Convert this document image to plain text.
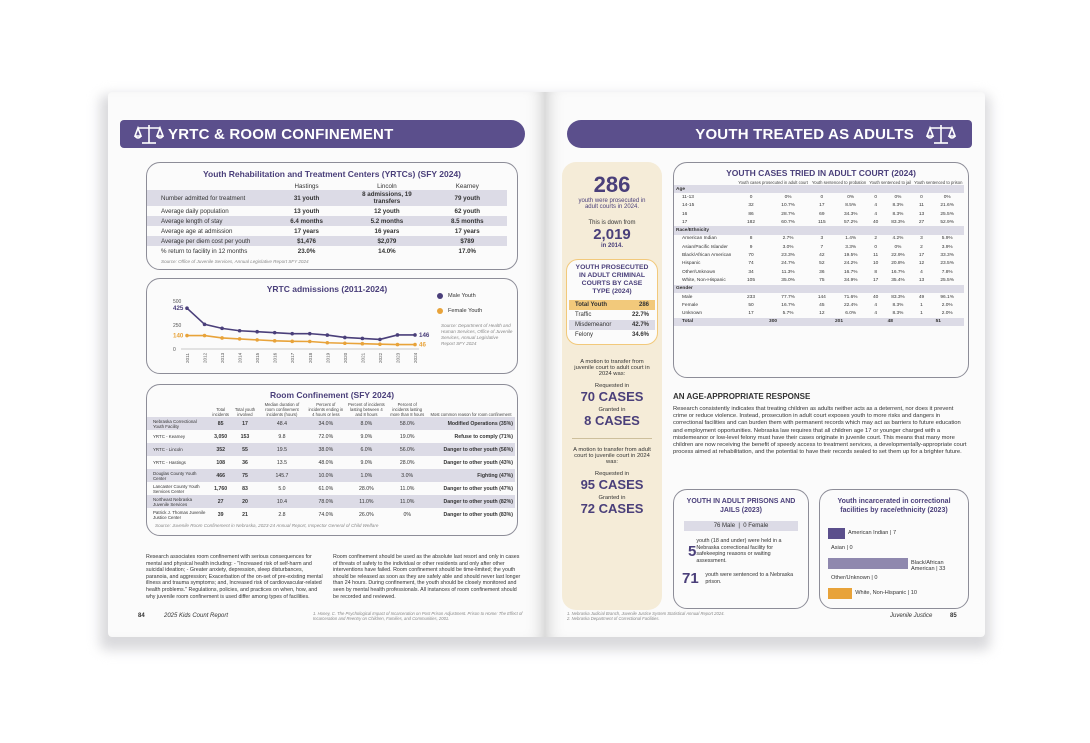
YRTC & ROOM CONFINEMENT
Youth Rehabilitation and Treatment Centers (YRTCs) (SFY 2024)
	Hastings	Lincoln	Kearney
Number admitted for treatment	31 youth	8 admissions, 19 transfers	79 youth
Average daily population	13 youth	12 youth	62 youth
Average length of stay	6.4 months	5.2 months	8.5 months
Average age at admission	17 years	16 years	17 years
Average per diem cost per youth	$1,476	$2,079	$789
% return to facility in 12 months	23.0%	14.0%	17.0%
Source: Office of Juvenile Services, Annual Legislative Report SFY 2024
YRTC admissions (2011-2024)
500
250
0
2011	2012	2013	2014	2015	2016	2017	2018	2019	2020	2021	2022	2023	2024
425
146
140
46
Male Youth
Female Youth
Source: Department of Health and Human Services, Office of Juvenile Services, Annual Legislative Report SFY 2024
Room Confinement (SFY 2024)
	Total incidents	Total youth involved	Median duration of room confinement incidents (hours)	Percent of incidents ending in 4 hours or less	Percent of incidents lasting between 4 and 8 hours	Percent of incidents lasting more than 8 hours	Most common reason for room confinement
Nebraska Correctional Youth Facility	85	17	48.4	34.0%	8.0%	58.0%	Modified Operations (35%)
YRTC - Kearney	3,050	153	9.8	72.0%	9.0%	19.0%	Refuse to comply (71%)
YRTC - Lincoln	352	55	19.5	38.0%	6.0%	56.0%	Danger to other youth (56%)
YRTC - Hastings	108	36	13.5	48.0%	9.0%	28.0%	Danger to other youth (43%)
Douglas County Youth Center	466	75	145.7	10.0%	1.0%	3.0%	Fighting (47%)
Lancaster County Youth Services Center	1,760	83	5.0	61.0%	28.0%	11.0%	Danger to other youth (47%)
Northeast Nebraska Juvenile Services	27	20	10.4	78.0%	11.0%	11.0%	Danger to other youth (82%)
Patrick J. Thomas Juvenile Justice Center	39	21	2.8	74.0%	26.0%	0%	Danger to other youth (83%)
Source: Juvenile Room Confinement in Nebraska, 2023-24 Annual Report, Inspector General of Child Welfare
Research associates room confinement with serious consequences for mental and physical health including: - "Increased risk of self-harm and suicidal ideation; - Greater anxiety, depression, sleep disturbances, paranoia, and aggression; Exacerbation of the on-set of pre-existing mental illness and trauma symptoms; and, Increased risk of cardiovascular-related health problems." Regulations, policies, and practices on when, how, and why juvenile room confinement is used differ among types of facilities.
Room confinement should be used as the absolute last resort and only in cases of threats of safety to the individual or other residents and only after other interventions have failed. Room confinement should be time-limited; the youth should be released as soon as they are safely able and should never last longer than 24 hours. During confinement, the youth should be closely monitored and seen by mental health professionals. All instances of room confinement should be recorded and reviewed.
84	2025 Kids Count Report	1. Honey, C. The Psychological Impact of Incarceration on Post Prison Adjustment. Prison to Home: The Effect of Incarceration and Reentry on Children, Families, and Communities, 2001.
YOUTH TREATED AS ADULTS
286
youth were prosecuted in adult courts in 2024.
This is down from
2,019
in 2014.
YOUTH PROSECUTED IN ADULT CRIMINAL COURTS BY CASE TYPE (2024)
Total Youth	286
Traffic	22.7%
Misdemeanor	42.7%
Felony	34.6%
A motion to transfer from juvenile court to adult court in 2024 was:
Requested in
70 CASES
Granted in
8 CASES
A motion to transfer from adult court to juvenile court in 2024 was:
Requested in
95 CASES
Granted in
72 CASES
YOUTH CASES TRIED IN ADULT COURT (2024)
	Youth cases prosecuted in adult court		Youth sentenced to probation		Youth sentenced to jail		Youth sentenced to prison	
Age								
11-13	0	0%	0	0%	0	0%	0	0%
14-15	32	10.7%	17	8.5%	4	8.3%	11	21.6%
16	86	28.7%	69	34.3%	4	8.3%	13	25.5%
17	182	60.7%	115	57.2%	40	83.3%	27	52.9%
Race/Ethnicity								
American Indian	8	2.7%	3	1.4%	2	4.2%	3	5.9%
Asian/Pacific Islander	9	3.0%	7	3.3%	0	0%	2	3.9%
Black/African American	70	23.3%	42	19.5%	11	22.9%	17	33.3%
Hispanic	74	24.7%	52	24.2%	10	20.8%	12	23.5%
Other/Unknown	34	11.3%	36	16.7%	8	16.7%	4	7.8%
White, Non-Hispanic	105	35.0%	75	34.9%	17	35.4%	13	25.5%
Gender								
Male	233	77.7%	144	71.6%	40	83.3%	49	96.1%
Female	50	16.7%	45	22.4%	4	8.3%	1	2.0%
Unknown	17	5.7%	12	6.0%	4	8.3%	1	2.0%
Total	300		201		48		51	
AN AGE-APPROPRIATE RESPONSE
Research consistently indicates that treating children as adults neither acts as a deterrent, nor does it prevent crime or reduce violence. Instead, prosecution in adult court exposes youth to more risks and dangers in correctional facilities and can burden them with permanent records which may act as barriers to future education and employment opportunities. Nebraska law requires that all children age 17 or younger charged with a misdemeanor or low-level felony must have their cases originate in juvenile court. This means that many more children are now receiving the benefit of speedy access to treatment services, a developmentally-appropriate court process aimed at rehabilitation, and the potential to have their records sealed to set them up for a brighter future.
YOUTH IN ADULT PRISONS AND JAILS (2023)
76 Male  |  0 Female
5
youth (18 and under) were held in a Nebraska correctional facility for safekeeping reasons or waiting assessment.
71	youth were sentenced to a Nebraska prison.
Youth incarcerated in correctional facilities by race/ethnicity (2023)
American Indian | 7
Asian | 0
Black/African American | 33
Other/Unknown | 0
White, Non-Hispanic | 10
1. Nebraska Judicial Branch, Juvenile Justice System Statistical Annual Report 2024.
2. Nebraska Department of Correctional Facilities.	Juvenile Justice	85
